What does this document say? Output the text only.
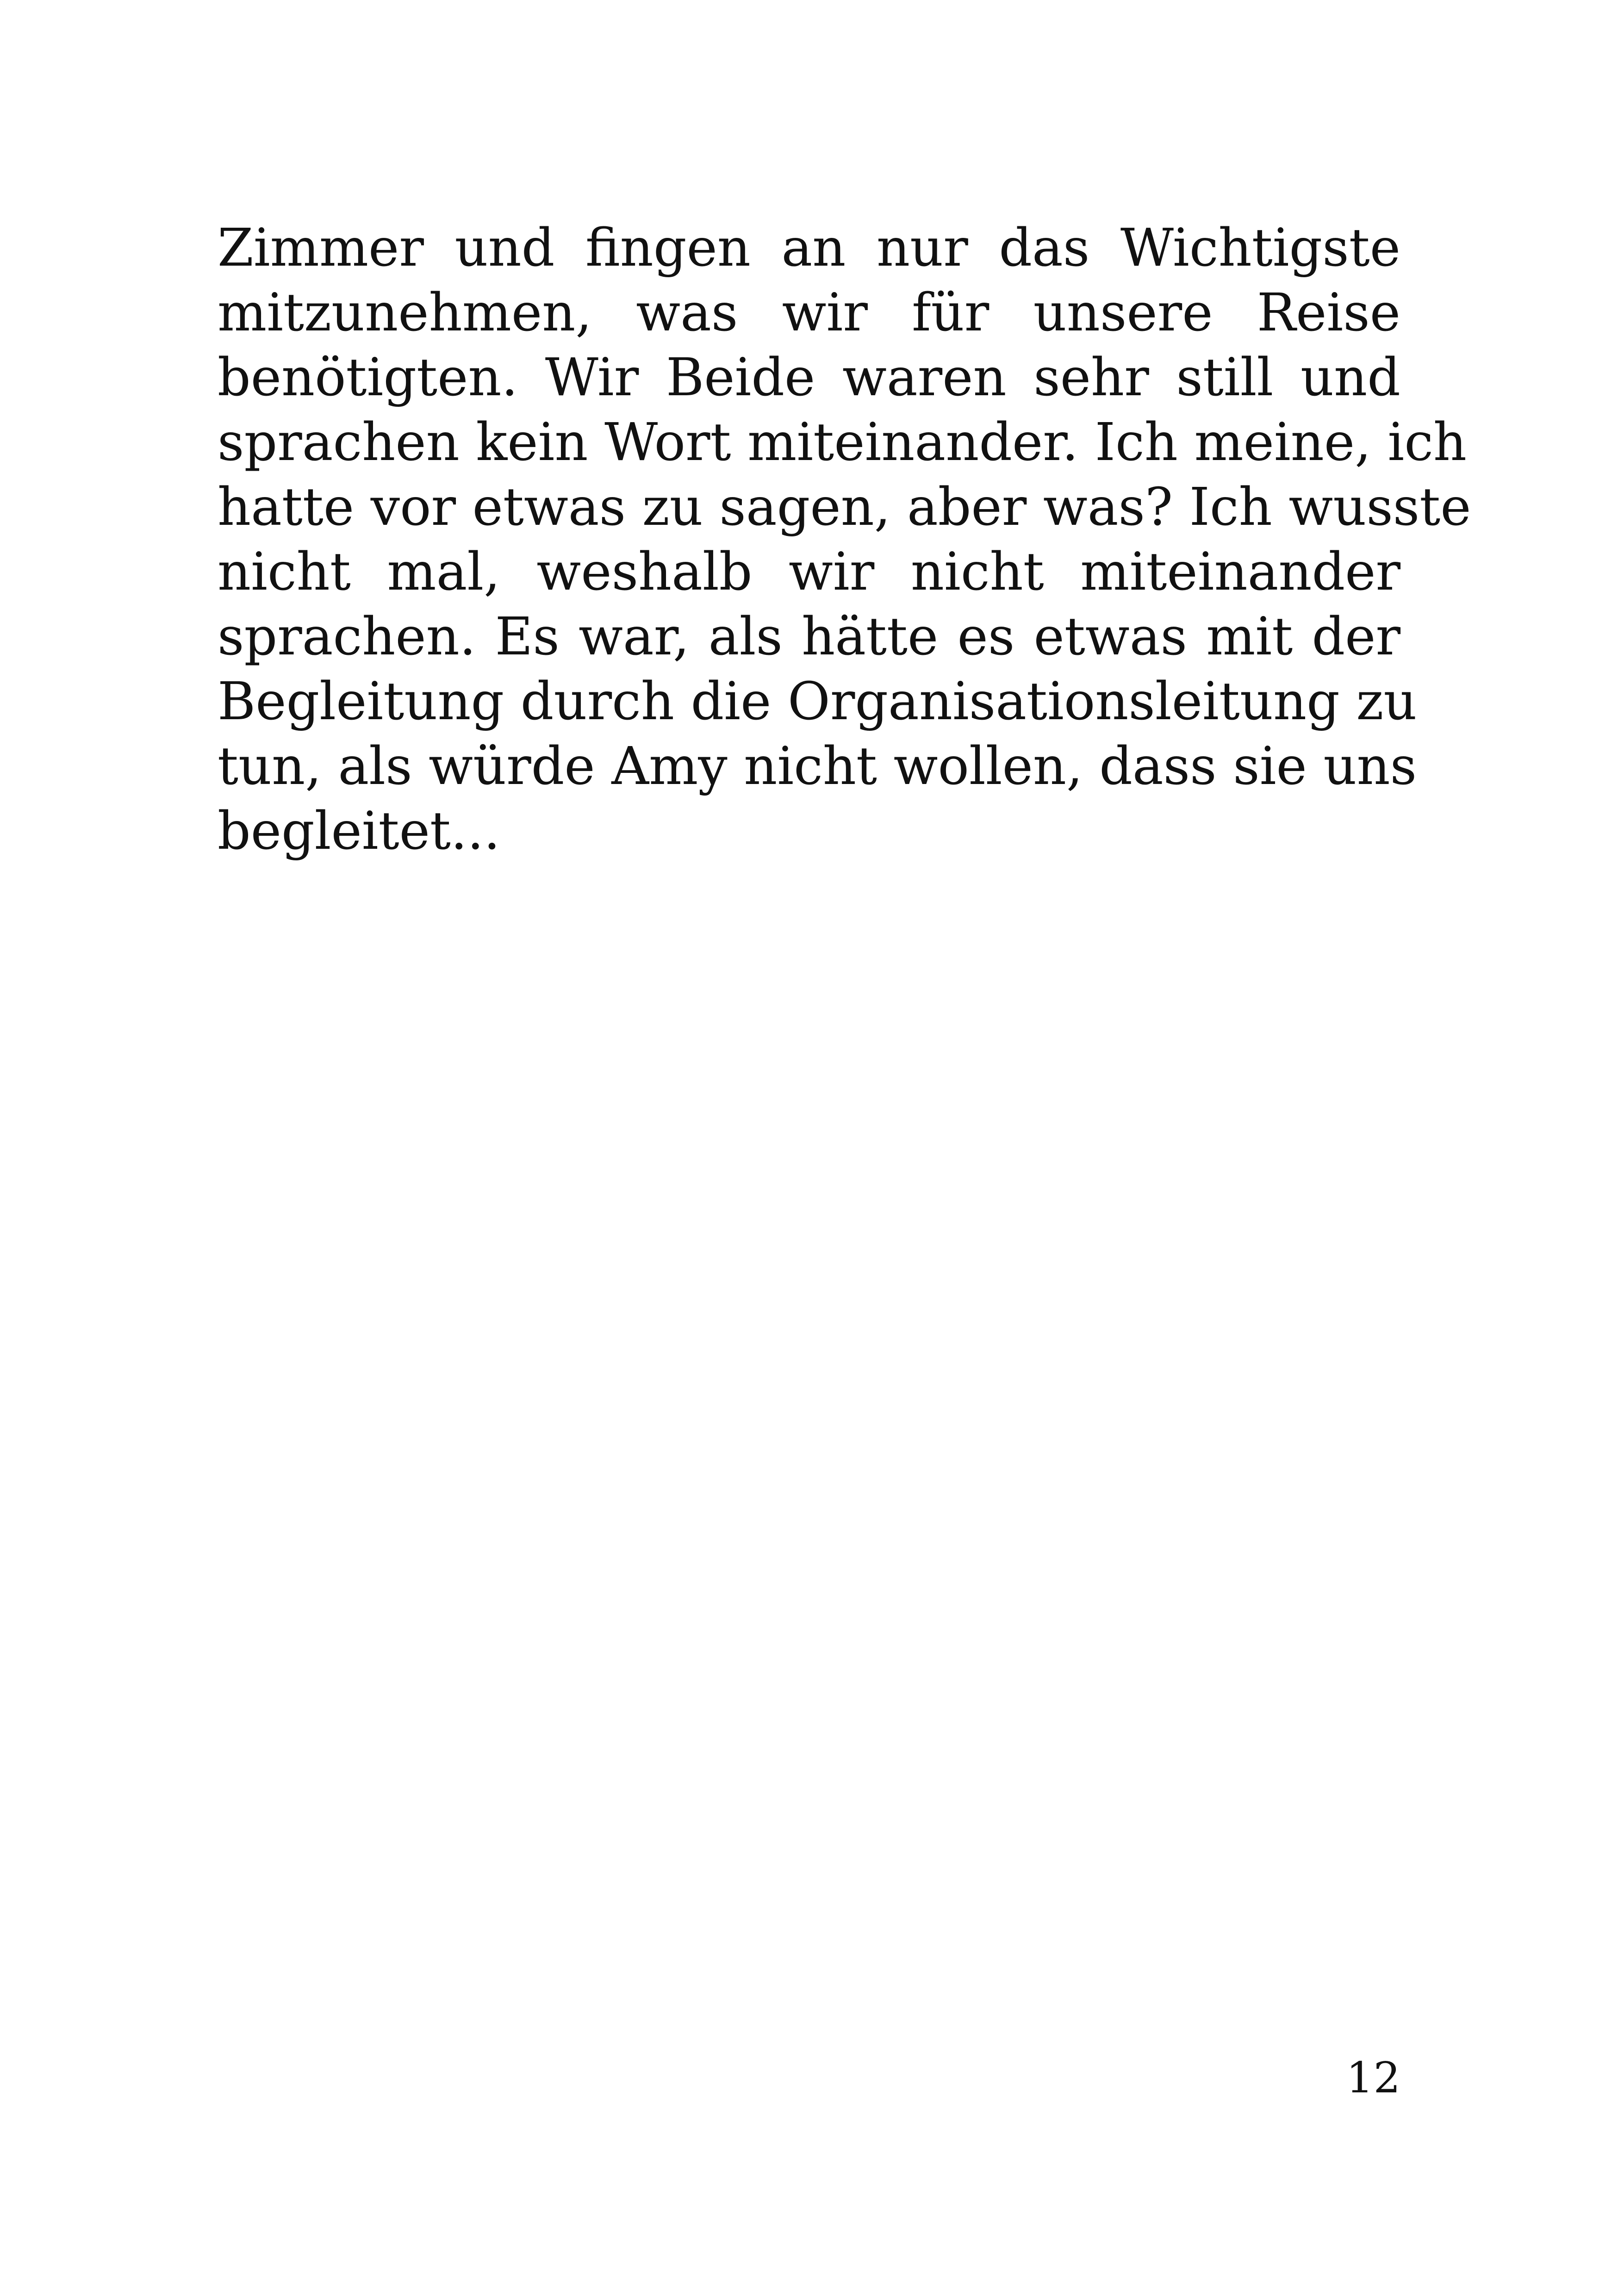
Zimmer und fingen an nur das Wichtigste
mitzunehmen, was wir für unsere Reise
benötigten. Wir Beide waren sehr still und
sprachen kein Wort miteinander. Ich meine, ich
hatte vor etwas zu sagen, aber was? Ich wusste
nicht mal, weshalb wir nicht miteinander
sprachen. Es war, als hätte es etwas mit der
Begleitung durch die Organisationsleitung zu
tun, als würde Amy nicht wollen, dass sie uns
begleitet...
12
